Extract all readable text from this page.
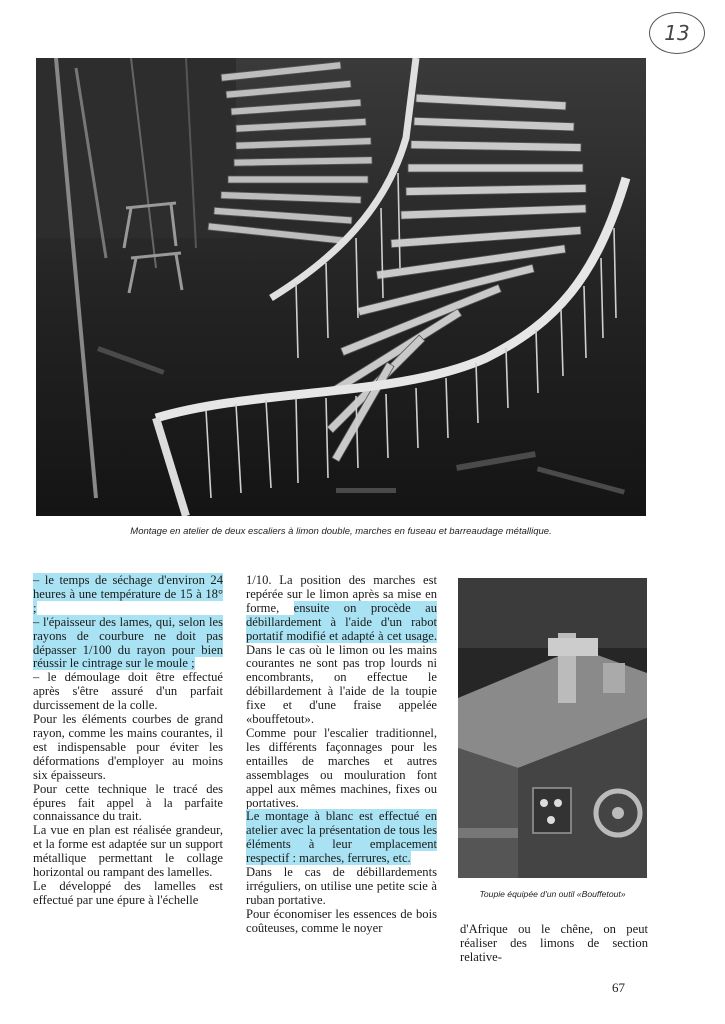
13
Montage en atelier de deux escaliers à limon double, marches en fuseau et barreaudage métallique.

– le temps de séchage d'environ 24 heures à une température de 15 à 18° ;

– l'épaisseur des lames, qui, selon les rayons de courbure ne doit pas dépasser 1/100 du rayon pour bien réussir le cintrage sur le moule ;

– le démoulage doit être effectué après s'être assuré d'un parfait durcissement de la colle.

Pour les éléments courbes de grand rayon, comme les mains courantes, il est indispensable pour éviter les déformations d'employer au moins six épaisseurs.

Pour cette technique le tracé des épures fait appel à la parfaite connaissance du trait.

La vue en plan est réalisée grandeur, et la forme est adaptée sur un support métallique permettant le collage horizontal ou rampant des lamelles.

Le développé des lamelles est effectué par une épure à l'échelle

1/10. La position des marches est repérée sur le limon après sa mise en forme, ensuite on procède au débillardement à l'aide d'un rabot portatif modifié et adapté à cet usage. Dans le cas où le limon ou les mains courantes ne sont pas trop lourds ni encombrants, on effectue le débillardement à l'aide de la toupie fixe et d'une fraise appelée «bouffetout».

Comme pour l'escalier traditionnel, les différents façonnages pour les entailles de marches et autres assemblages ou mouluration font appel aux mêmes machines, fixes ou portatives.

Le montage à blanc est effectué en atelier avec la présentation de tous les éléments à leur emplacement respectif : marches, ferrures, etc.

Dans le cas de débillardements irréguliers, on utilise une petite scie à ruban portative.

Pour économiser les essences de bois coûteuses, comme le noyer

Toupie équipée d'un outil «Bouffetout»

d'Afrique ou le chêne, on peut réaliser des limons de section relative-

67
